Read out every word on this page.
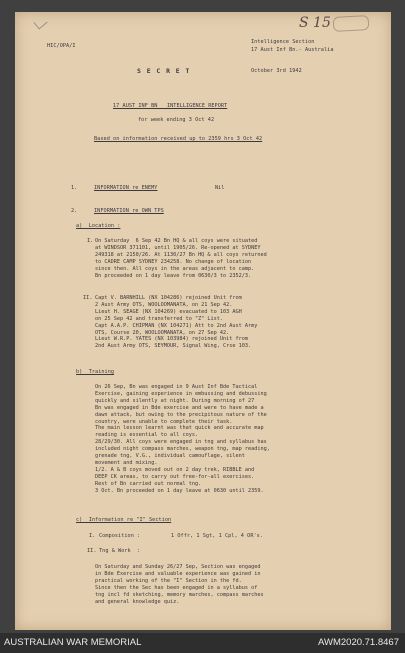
S 15
HIC/OPA/I
Intelligence Section
17 Aust Inf Bn.- Australia
S E C R E T	October 3rd 1942
17 AUST INF BN   INTELLIGENCE REPORT
for week ending 3 Oct 42
Based on information received up to 2359 hrs 3 Oct 42
1.	INFORMATION re ENEMY	Nil
2.	INFORMATION re OWN TPS
a)  Location :
I. On Saturday  6 Sep 42 Bn HQ & all coys were situated
at WINDSOR 371101, until 1905/26. Re-opened at SYDNEY
249318 at 2150/26. At 1130/27 Bn HQ & all coys returned
to CADRE CAMP SYDNEY 234258. No change of location
since then. All coys in the areas adjacent to camp.
Bn proceeded on 1 day leave from 0630/3 to 2352/3.
II. Capt V. BARNHILL (NX 104286) rejoined Unit from
2 Aust Army OTS, WOOLOOMANATA, on 21 Sep 42.
Lieut H. SEAGE (NX 104269) evacuated to 103 AGH
on 25 Sep 42 and transferred to "Z" List.
Capt A.A.P. CHIPMAN (NX 104271) Att to 2nd Aust Army
OTS, Course 20, WOOLOOMANATA, on 27 Sep 42.
Lieut W.R.P. YATES (NX 103984) rejoined Unit from
2nd Aust Army OTS, SEYMOUR, Signal Wing, Crse 103.
b)  Training
On 26 Sep, Bn was engaged in 9 Aust Inf Bde Tactical
Exercise, gaining experience in embussing and debussing
quickly and silently at night. During morning of 27
Bn was engaged in Bde exercise and were to have made a
dawn attack, but owing to the precipitous nature of the
country, were unable to complete their task.
The main lesson learnt was that quick and accurate map
reading is essential to all coys.
28/29/30. All coys were engaged in tng and syllabus has
included night compass marches, weapon tng, map reading,
grenade tng, V.G., individual camouflage, silent
movement and mixing.
1/2. A & B coys moved out on 2 day trek, RIBBLE and
DEEP CK areas, to carry out free-for-all exercises.
Rest of Bn carried out normal tng.
3 Oct. Bn proceeded on 1 day leave at 0630 until 2359.
c)  Information re "I" Section
I. Composition :	1 Offr, 1 Sgt, 1 Cpl, 4 OR's.
II. Tng & Work  :
On Saturday and Sunday 26/27 Sep, Section was engaged
in Bde Exercise and valuable experience was gained in
practical working of the "I" Section in the fd.
Since then the Sec has been engaged in a syllabus of
tng incl fd sketching, memory marches, compass marches
and general knowledge quiz.
AUSTRALIAN WAR MEMORIAL	AWM2020.71.8467
